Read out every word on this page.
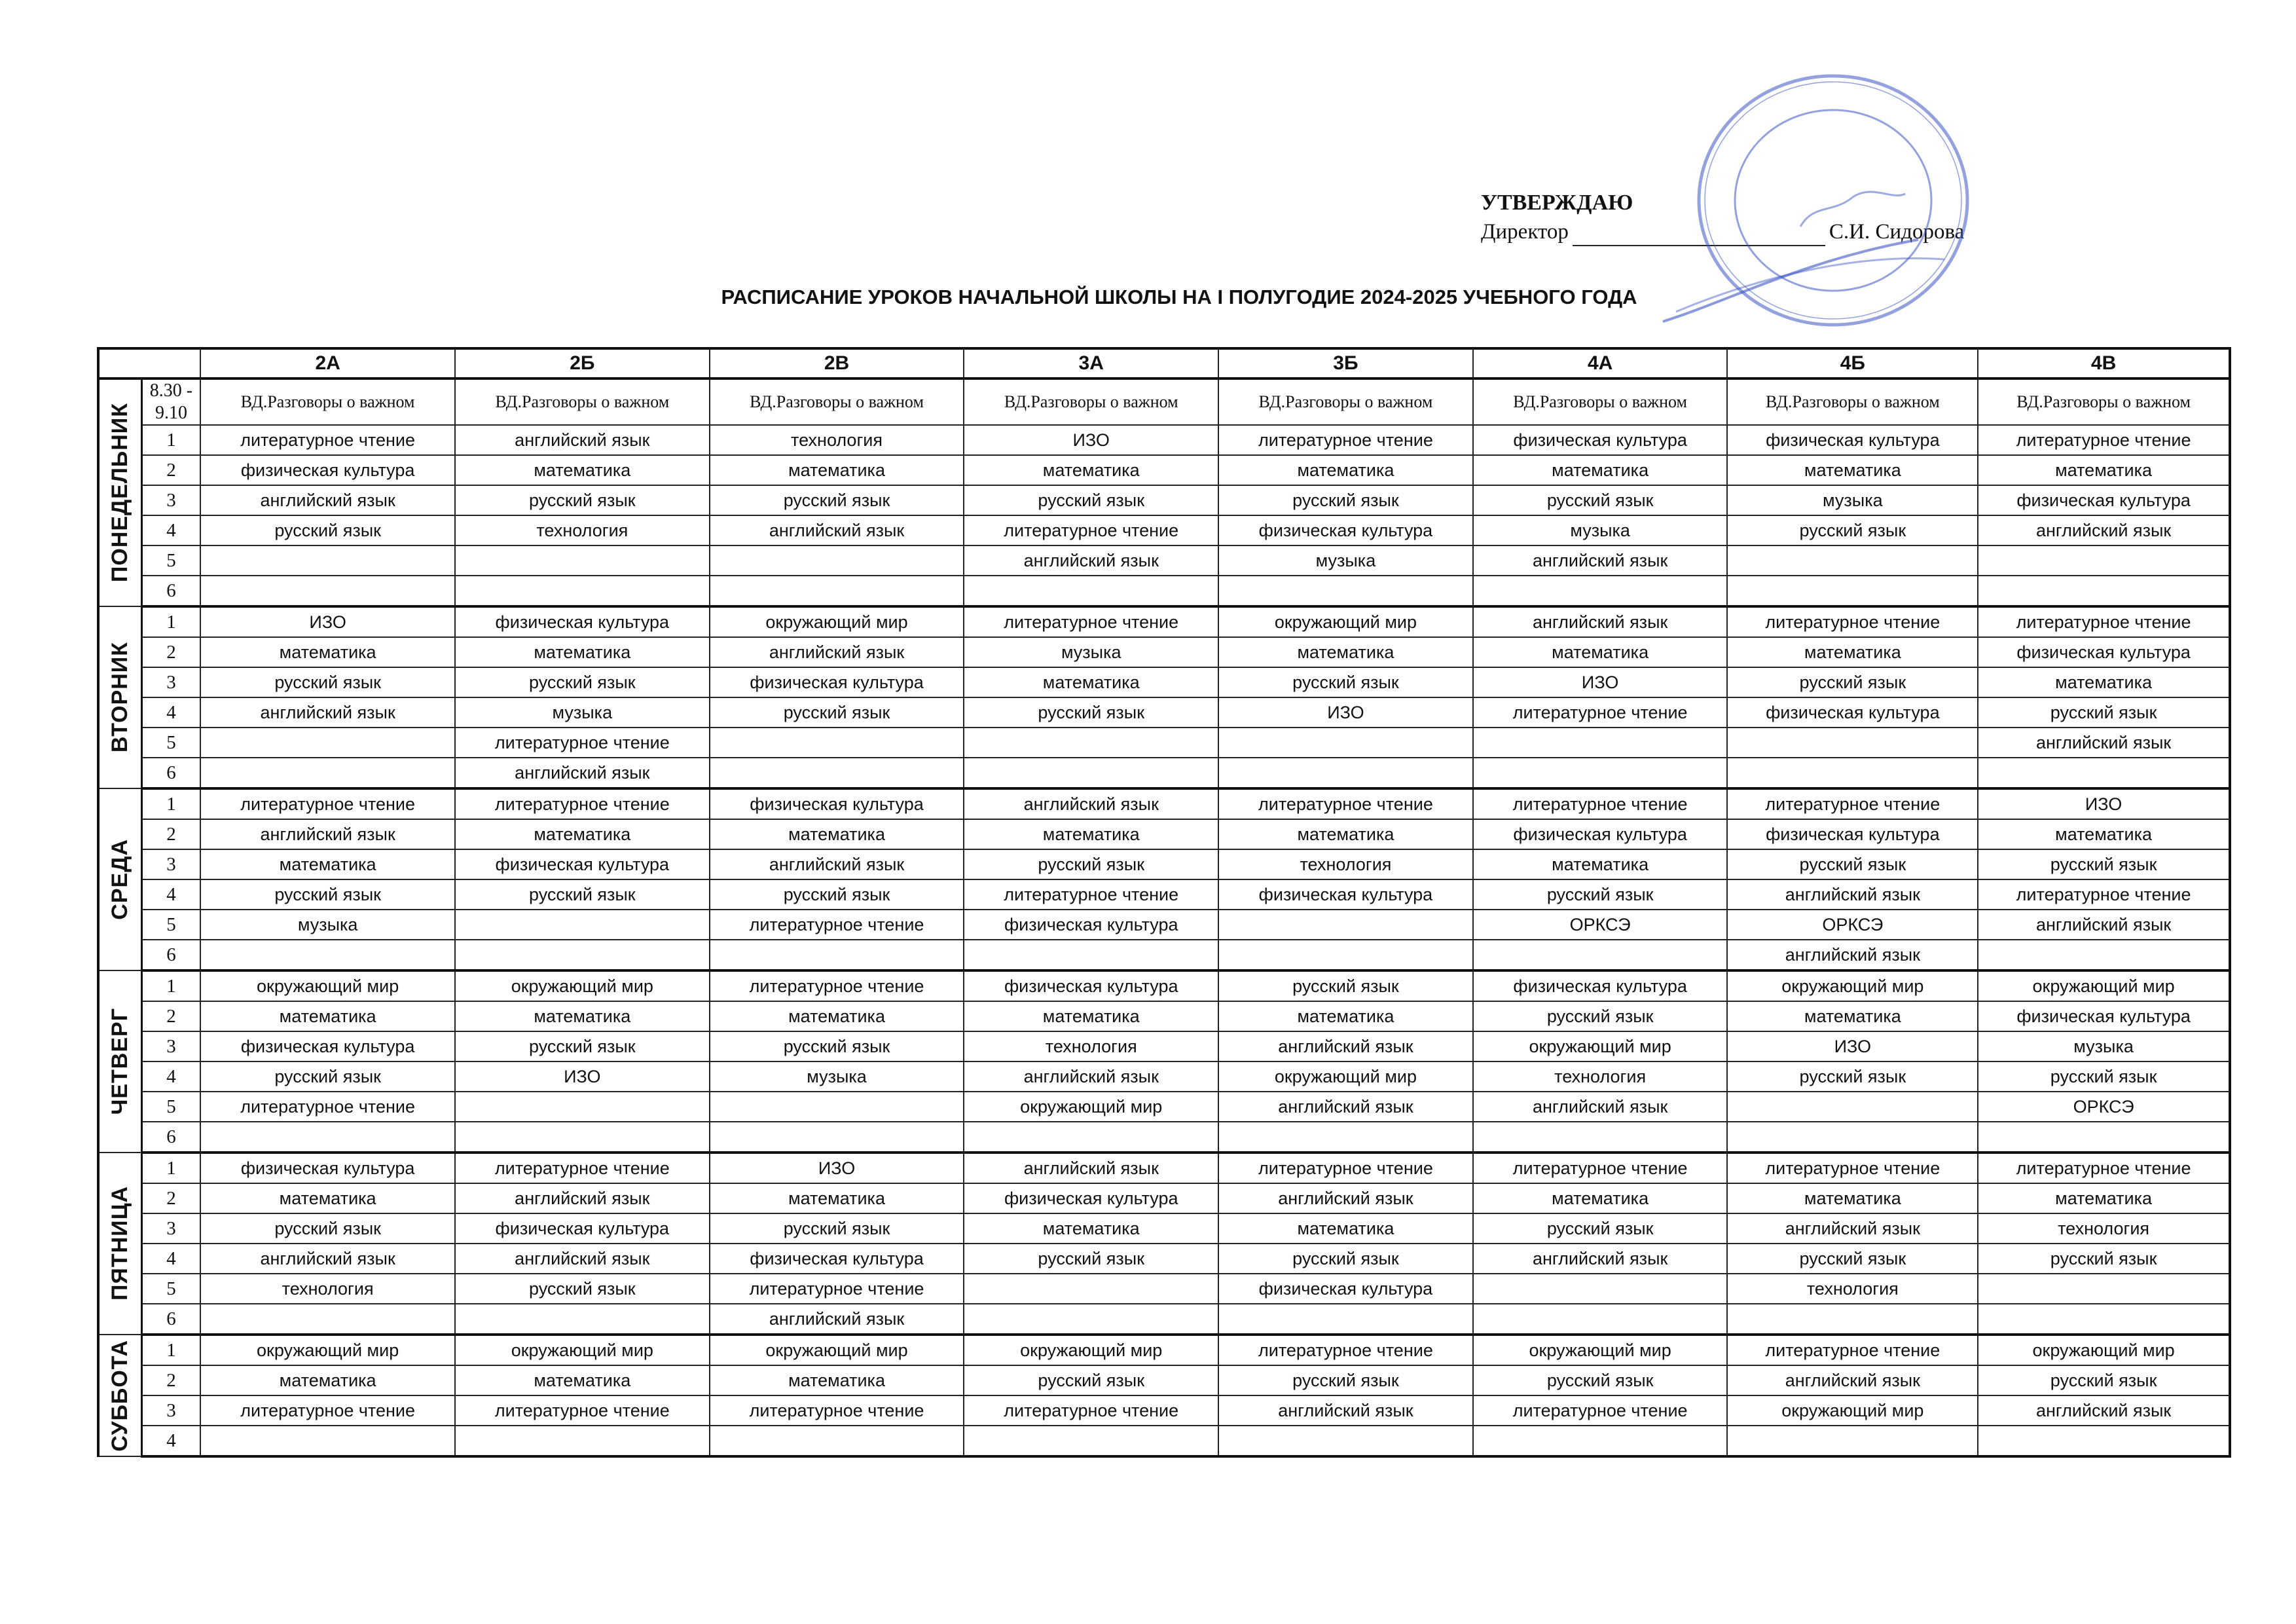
УТВЕРЖДАЮ
Директор	С.И. Сидорова
РАСПИСАНИЕ УРОКОВ НАЧАЛЬНОЙ ШКОЛЫ НА I ПОЛУГОДИЕ 2024-2025 УЧЕБНОГО ГОДА
		2А	2Б	2В	3А	3Б	4А	4Б	4В

ПОНЕДЕЛЬНИК	8.30 - 9.10	ВД.Разговоры о важном	ВД.Разговоры о важном	ВД.Разговоры о важном	ВД.Разговоры о важном	ВД.Разговоры о важном	ВД.Разговоры о важном	ВД.Разговоры о важном	ВД.Разговоры о важном
	1	литературное чтение	английский язык	технология	ИЗО	литературное чтение	физическая культура	физическая культура	литературное чтение
	2	физическая культура	математика	математика	математика	математика	математика	математика	математика
	3	английский язык	русский язык	русский язык	русский язык	русский язык	русский язык	музыка	физическая культура
	4	русский язык	технология	английский язык	литературное чтение	физическая культура	музыка	русский язык	английский язык
	5				английский язык	музыка	английский язык		
	6								

ВТОРНИК	1	ИЗО	физическая культура	окружающий мир	литературное чтение	окружающий мир	английский язык	литературное чтение	литературное чтение
	2	математика	математика	английский язык	музыка	математика	математика	математика	физическая культура
	3	русский язык	русский язык	физическая культура	математика	русский язык	ИЗО	русский язык	математика
	4	английский язык	музыка	русский язык	русский язык	ИЗО	литературное чтение	физическая культура	русский язык
	5		литературное чтение						английский язык
	6		английский язык						

СРЕДА	1	литературное чтение	литературное чтение	физическая культура	английский язык	литературное чтение	литературное чтение	литературное чтение	ИЗО
	2	английский язык	математика	математика	математика	математика	физическая культура	физическая культура	математика
	3	математика	физическая культура	английский язык	русский язык	технология	математика	русский язык	русский язык
	4	русский язык	русский язык	русский язык	литературное чтение	физическая культура	русский язык	английский язык	литературное чтение
	5	музыка		литературное чтение	физическая культура		ОРКСЭ	ОРКСЭ	английский язык
	6							английский язык	

ЧЕТВЕРГ	1	окружающий мир	окружающий мир	литературное чтение	физическая культура	русский язык	физическая культура	окружающий мир	окружающий мир
	2	математика	математика	математика	математика	математика	русский язык	математика	физическая культура
	3	физическая культура	русский язык	русский язык	технология	английский язык	окружающий мир	ИЗО	музыка
	4	русский язык	ИЗО	музыка	английский язык	окружающий мир	технология	русский язык	русский язык
	5	литературное чтение			окружающий мир	английский язык	английский язык		ОРКСЭ
	6								

ПЯТНИЦА	1	физическая культура	литературное чтение	ИЗО	английский язык	литературное чтение	литературное чтение	литературное чтение	литературное чтение
	2	математика	английский язык	математика	физическая культура	английский язык	математика	математика	математика
	3	русский язык	физическая культура	русский язык	математика	математика	русский язык	английский язык	технология
	4	английский язык	английский язык	физическая культура	русский язык	русский язык	английский язык	русский язык	русский язык
	5	технология	русский язык	литературное чтение		физическая культура		технология	
	6			английский язык					

СУББОТА	1	окружающий мир	окружающий мир	окружающий мир	окружающий мир	литературное чтение	окружающий мир	литературное чтение	окружающий мир
	2	математика	математика	математика	русский язык	русский язык	русский язык	английский язык	русский язык
	3	литературное чтение	литературное чтение	литературное чтение	литературное чтение	английский язык	литературное чтение	окружающий мир	английский язык
	4								
